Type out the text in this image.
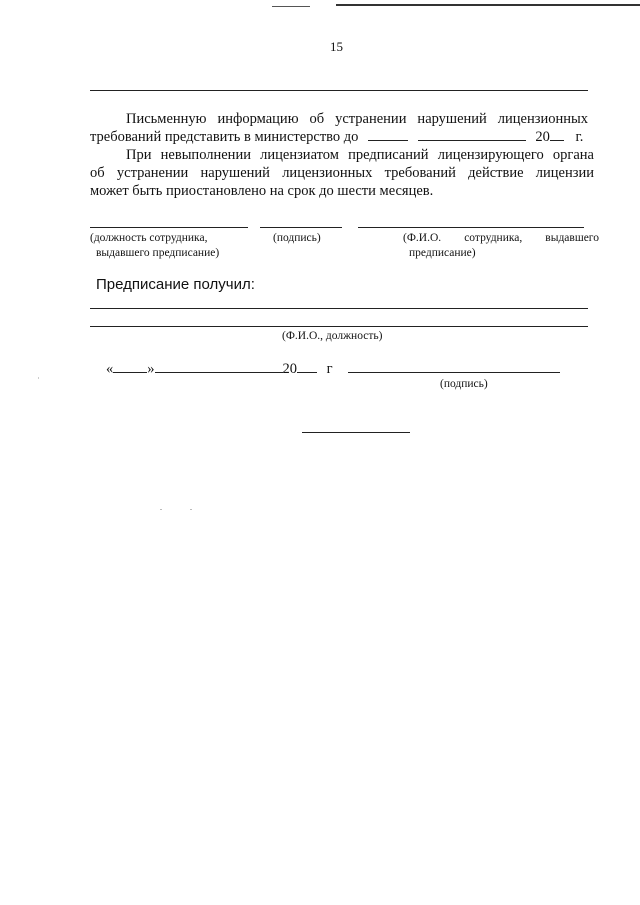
15
Письменную информацию об устранении нарушений лицензионных
требований представить в министерство до	20 г.
При невыполнении лицензиатом предписаний лицензирующего органа
об устранении нарушений лицензионных требований действие лицензии
может быть приостановлено на срок до шести месяцев.
(должность сотрудника,
выдавшего предписание)
(подпись)	(Ф.И.О. сотрудника, выдавшего
предписание)
Предписание получил:
(Ф.И.О., должность)
« »	20 г
(подпись)
